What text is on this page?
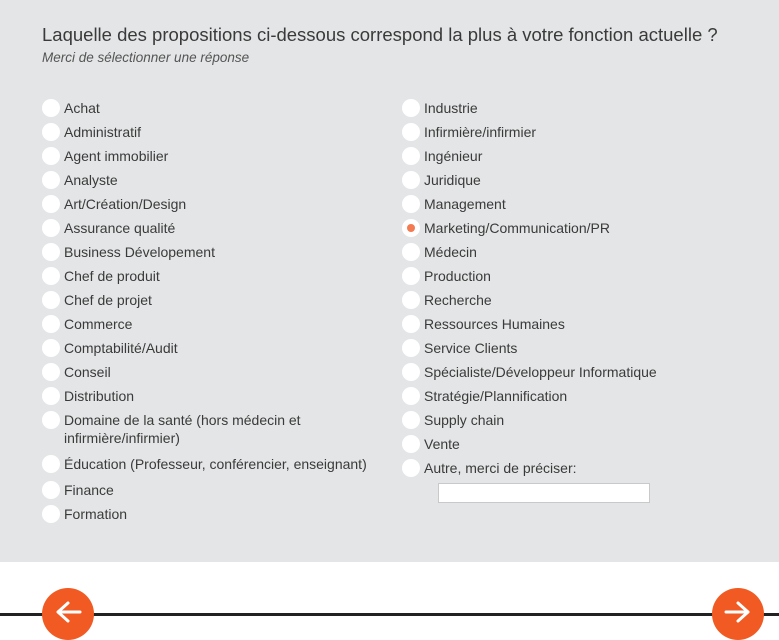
Laquelle des propositions ci-dessous correspond la plus à votre fonction actuelle ?
Merci de sélectionner une réponse
Achat
Administratif
Agent immobilier
Analyste
Art/Création/Design
Assurance qualité
Business Dévelopement
Chef de produit
Chef de projet
Commerce
Comptabilité/Audit
Conseil
Distribution
Domaine de la santé (hors médecin et infirmière/infirmier)
Éducation (Professeur, conférencier, enseignant)
Finance
Formation
Industrie
Infirmière/infirmier
Ingénieur
Juridique
Management
Marketing/Communication/PR
Médecin
Production
Recherche
Ressources Humaines
Service Clients
Spécialiste/Développeur Informatique
Stratégie/Plannification
Supply chain
Vente
Autre, merci de préciser:
